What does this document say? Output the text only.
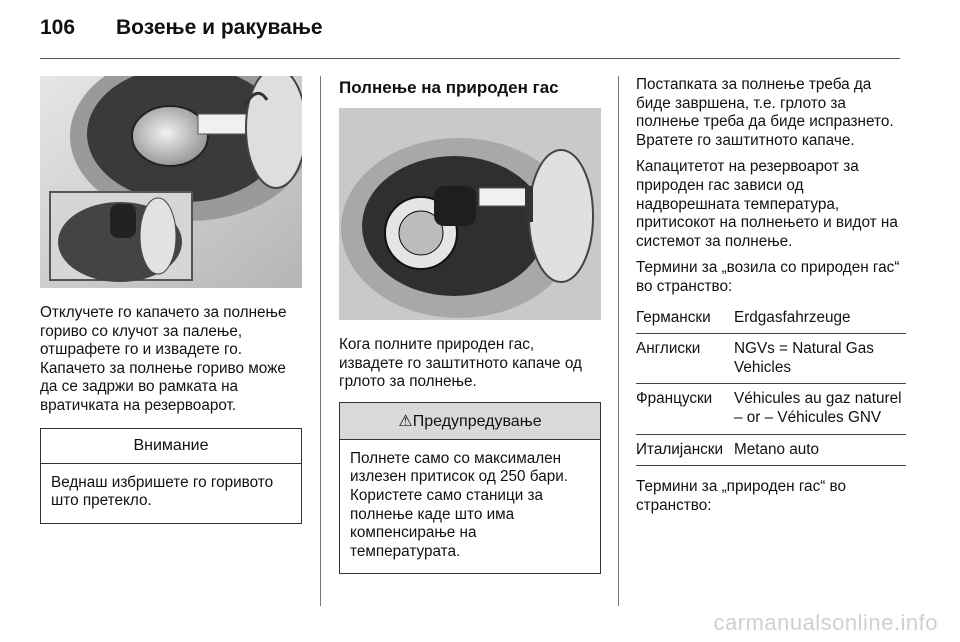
106 Возење и ракување

Отклучете го капачето за полнење гориво со клучот за палење, отшрафете го и извадете го. Капачето за полнење гориво може да се задржи во рамката на вратичката на резервоарот.

Внимание
Веднаш избришете го горивото што претекло.
Полнење на природен гас

Кога полните природен гас, извадете го заштитното капаче од грлото за полнење.

⚠Предупредување
Полнете само со максимален излезен притисок од 250 бари. Користете само станици за полнење каде што има компенсирање на температурата.

Постапката за полнење треба да биде завршена, т.е. грлото за полнење треба да биде испразнето. Вратете го заштитното капаче.

Капацитетот на резервоарот за природен гас зависи од надворешната температура, притисокот на полнењето и видот на системот за полнење.

Термини за „возила со природен гас“ во странство:

Германски	Erdgasfahrzeuge
Англиски	NGVs = Natural Gas Vehicles
Француски	Véhicules au gaz naturel – or – Véhicules GNV
Италијански Metano auto

Термини за „природен гас“ во странство:

carmanualsonline.info
